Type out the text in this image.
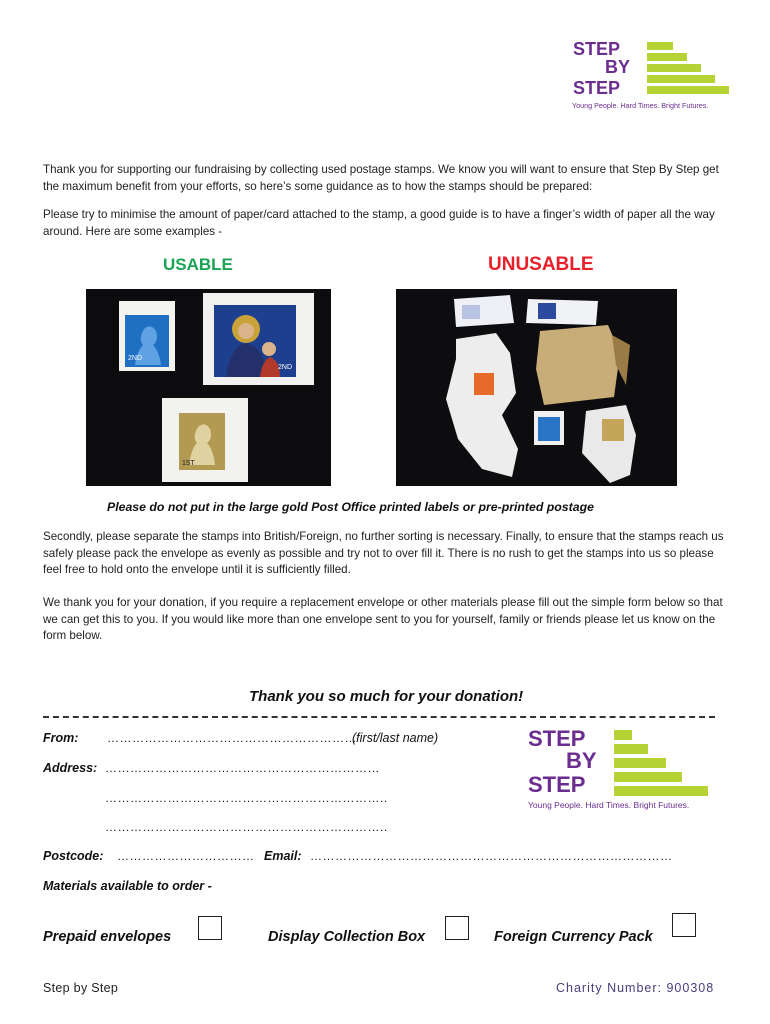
STEP
BY
STEP
Young People. Hard Times. Bright Futures.

Thank you for supporting our fundraising by collecting used postage stamps. We know you will want to ensure that Step By Step get the maximum benefit from your efforts, so here’s some guidance as to how the stamps should be prepared:

Please try to minimise the amount of paper/card attached to the stamp, a good guide is to have a finger’s width of paper all the way around. Here are some examples -

USABLE	UNUSABLE
2ND
2ND
1ST
Please do not put in the large gold Post Office printed labels or pre-printed postage

Secondly, please separate the stamps into British/Foreign, no further sorting is necessary. Finally, to ensure that the stamps reach us safely please pack the envelope as evenly as possible and try not to over fill it. There is no rush to get the stamps into us so please feel free to hold onto the envelope until it is sufficiently filled.

We thank you for your donation, if you require a replacement envelope or other materials please fill out the simple form below so that we can get this to you. If you would like more than one envelope sent to you for yourself, family or friends please let us know on the form below.

Thank you so much for your donation!
From: ……………………………………………………
(first/last name)
Address: …………………………………………………………
…………………………………………………………..
…………………………………………………………..
Postcode: …………………………… Email: ……………………………………………………………………………
Materials available to order -
STEP
BY
STEP
Young People. Hard Times. Bright Futures.
Prepaid envelopes	Display Collection Box	Foreign Currency Pack
Step by Step	Charity Number: 900308
